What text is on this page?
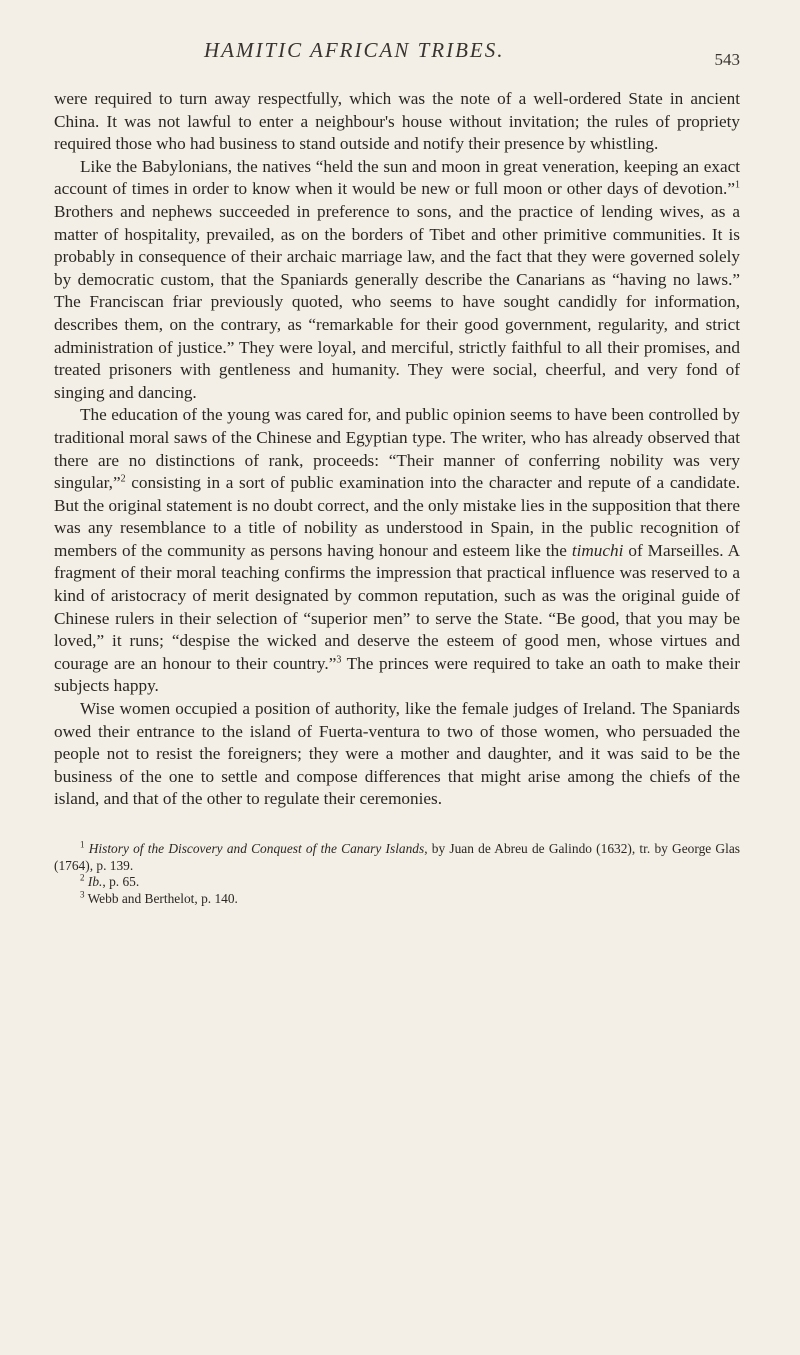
HAMITIC AFRICAN TRIBES.	543

were required to turn away respectfully, which was the note of a well-ordered State in ancient China. It was not lawful to enter a neighbour's house without invitation; the rules of propriety required those who had business to stand outside and notify their presence by whistling.

Like the Babylonians, the natives “held the sun and moon in great veneration, keeping an exact account of times in order to know when it would be new or full moon or other days of devotion.”$^1$ Brothers and nephews succeeded in preference to sons, and the practice of lending wives, as a matter of hospitality, prevailed, as on the borders of Tibet and other primitive communities. It is probably in consequence of their archaic marriage law, and the fact that they were governed solely by democratic custom, that the Spaniards generally describe the Canarians as “having no laws.” The Franciscan friar previously quoted, who seems to have sought candidly for information, describes them, on the contrary, as “remarkable for their good government, regularity, and strict administration of justice.” They were loyal, and merciful, strictly faithful to all their promises, and treated prisoners with gentleness and humanity. They were social, cheerful, and very fond of singing and dancing.

The education of the young was cared for, and public opinion seems to have been controlled by traditional moral saws of the Chinese and Egyptian type. The writer, who has already observed that there are no distinctions of rank, proceeds: “Their manner of conferring nobility was very singular,”$^2$ consisting in a sort of public examination into the character and repute of a candidate. But the original statement is no doubt correct, and the only mistake lies in the supposition that there was any resemblance to a title of nobility as understood in Spain, in the public recognition of members of the community as persons having honour and esteem like the timuchi of Marseilles. A fragment of their moral teaching confirms the impression that practical influence was reserved to a kind of aristocracy of merit designated by common reputation, such as was the original guide of Chinese rulers in their selection of “superior men” to serve the State. “Be good, that you may be loved,” it runs; “despise the wicked and deserve the esteem of good men, whose virtues and courage are an honour to their country.”$^3$ The princes were required to take an oath to make their subjects happy.

Wise women occupied a position of authority, like the female judges of Ireland. The Spaniards owed their entrance to the island of Fuerta-ventura to two of those women, who persuaded the people not to resist the foreigners; they were a mother and daughter, and it was said to be the business of the one to settle and compose differences that might arise among the chiefs of the island, and that of the other to regulate their ceremonies.

$^1$ History of the Discovery and Conquest of the Canary Islands, by Juan de Abreu de Galindo (1632), tr. by George Glas (1764), p. 139.

$^2$ Ib., p. 65.

$^3$ Webb and Berthelot, p. 140.
